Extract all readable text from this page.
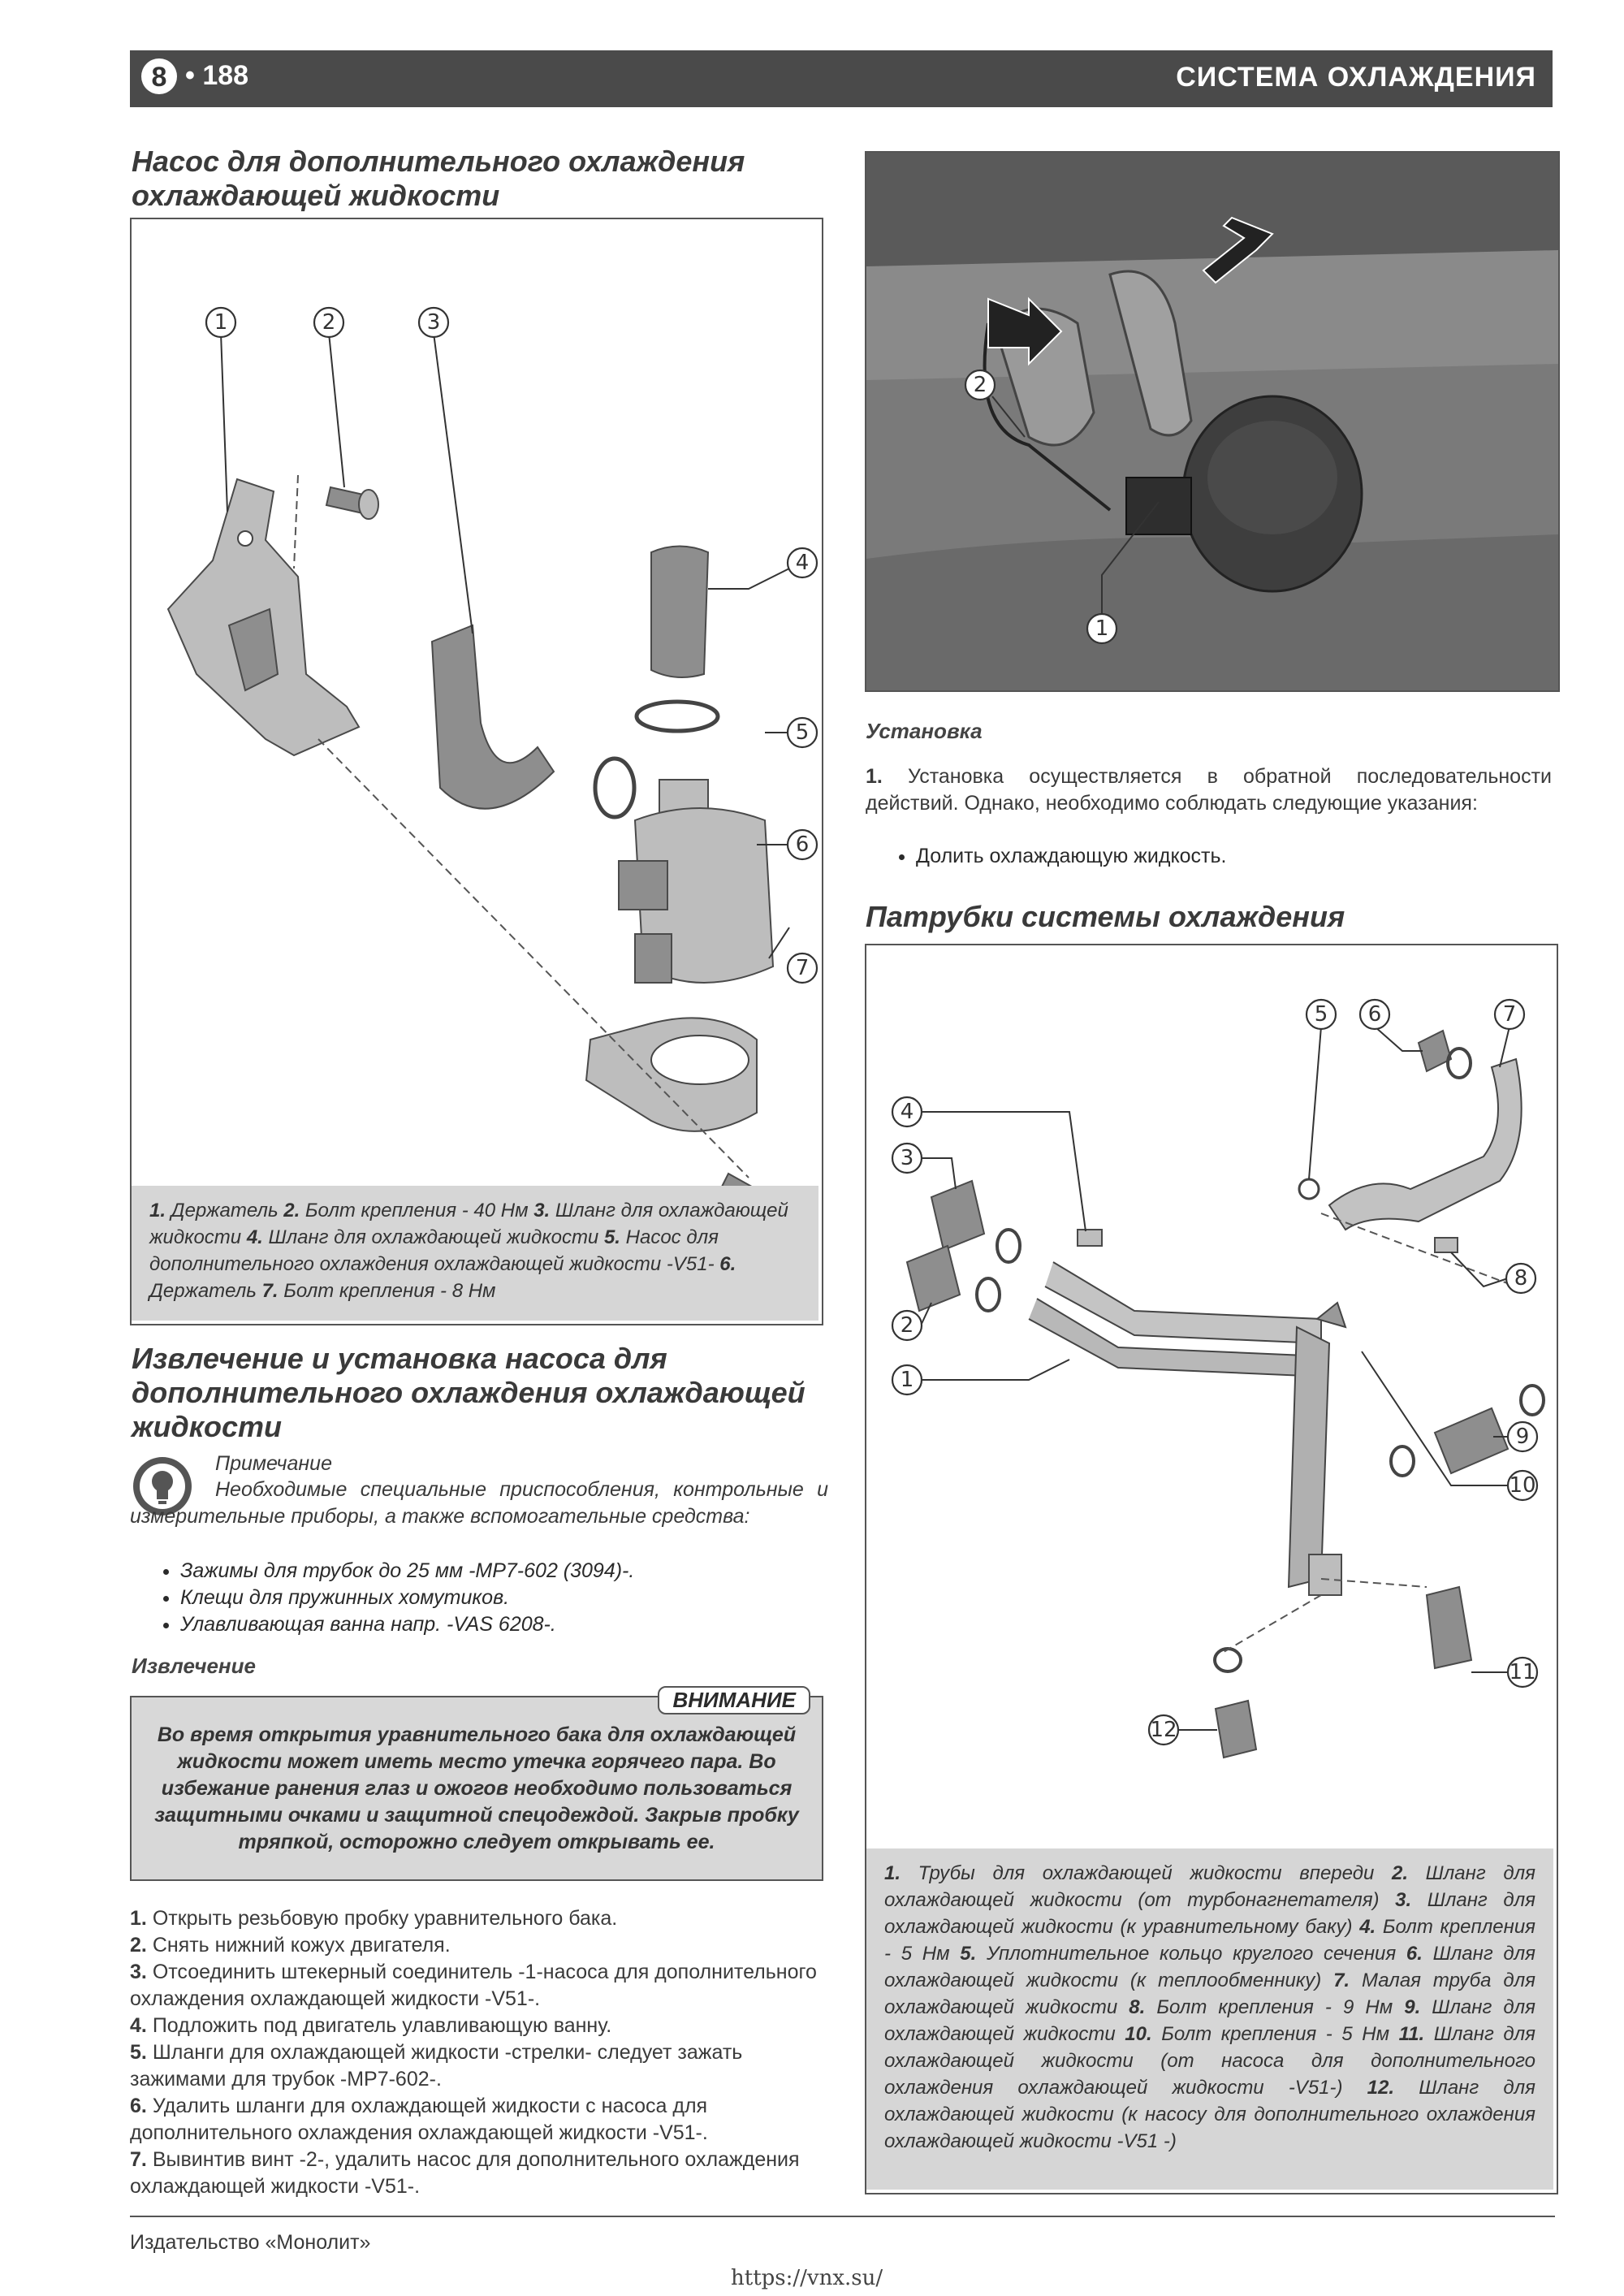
8 • 188	СИСТЕМА ОХЛАЖДЕНИЯ
Насос для дополнительного охлаждения охлаждающей жидкости
1	2	3
4
5
6
7
1. Держатель 2. Болт крепления - 40 Нм 3. Шланг для охлаждающей жидкости 4. Шланг для охлаждающей жидкости 5. Насос для дополнительного охлаждения охлаждающей жидкости -V51- 6. Держатель 7. Болт крепления - 8 Нм
Извлечение и установка насоса для дополнительного охлаждения охлаждающей жидкости
Примечание
Необходимые специальные приспособления, контрольные и измерительные приборы, а также вспомогательные средства:
• Зажимы для трубок до 25 мм -MP7-602 (3094)-.
• Клещи для пружинных хомутиков.
• Улавливающая ванна напр. -VAS 6208-.
Извлечение
ВНИМАНИЕ
Во время открытия уравнительного бака для охлаждающей жидкости может иметь место утечка горячего пара. Во избежание ранения глаз и ожогов необходимо пользоваться защитными очками и защитной спецодеждой. Закрыв пробку тряпкой, осторожно следует открывать ее.
1. Открыть резьбовую пробку уравнительного бака.
2. Снять нижний кожух двигателя.
3. Отсоединить штекерный соединитель -1-насоса для дополнительного охлаждения охлаждающей жидкости -V51-.
4. Подложить под двигатель улавливающую ванну.
5. Шланги для охлаждающей жидкости -стрелки- следует зажать зажимами для трубок -MP7-602-.
6. Удалить шланги для охлаждающей жидкости с насоса для дополнительного охлаждения охлаждающей жидкости -V51-.
7. Вывинтив винт -2-, удалить насос для дополнительного охлаждения охлаждающей жидкости -V51-.
2
1
Установка
1. Установка осуществляется в обратной последовательности действий. Однако, необходимо соблюдать следующие указания:
• Долить охлаждающую жидкость.
Патрубки системы охлаждения
5 6	7
4
3
8
2
1
9
10
11
12
1. Трубы для охлаждающей жидкости впереди 2. Шланг для охлаждающей жидкости (от турбонагнетателя) 3. Шланг для охлаждающей жидкости (к уравнительному баку) 4. Болт крепления - 5 Нм 5. Уплотнительное кольцо круглого сечения 6. Шланг для охлаждающей жидкости (к теплообменнику) 7. Малая труба для охлаждающей жидкости 8. Болт крепления - 9 Нм 9. Шланг для охлаждающей жидкости 10. Болт крепления - 5 Нм 11. Шланг для охлаждающей жидкости (от насоса для дополнительного охлаждения охлаждающей жидкости -V51-) 12. Шланг для охлаждающей жидкости (к насосу для дополнительного охлаждения охлаждающей жидкости -V51 -)
Издательство «Монолит»
https://vnx.su/
